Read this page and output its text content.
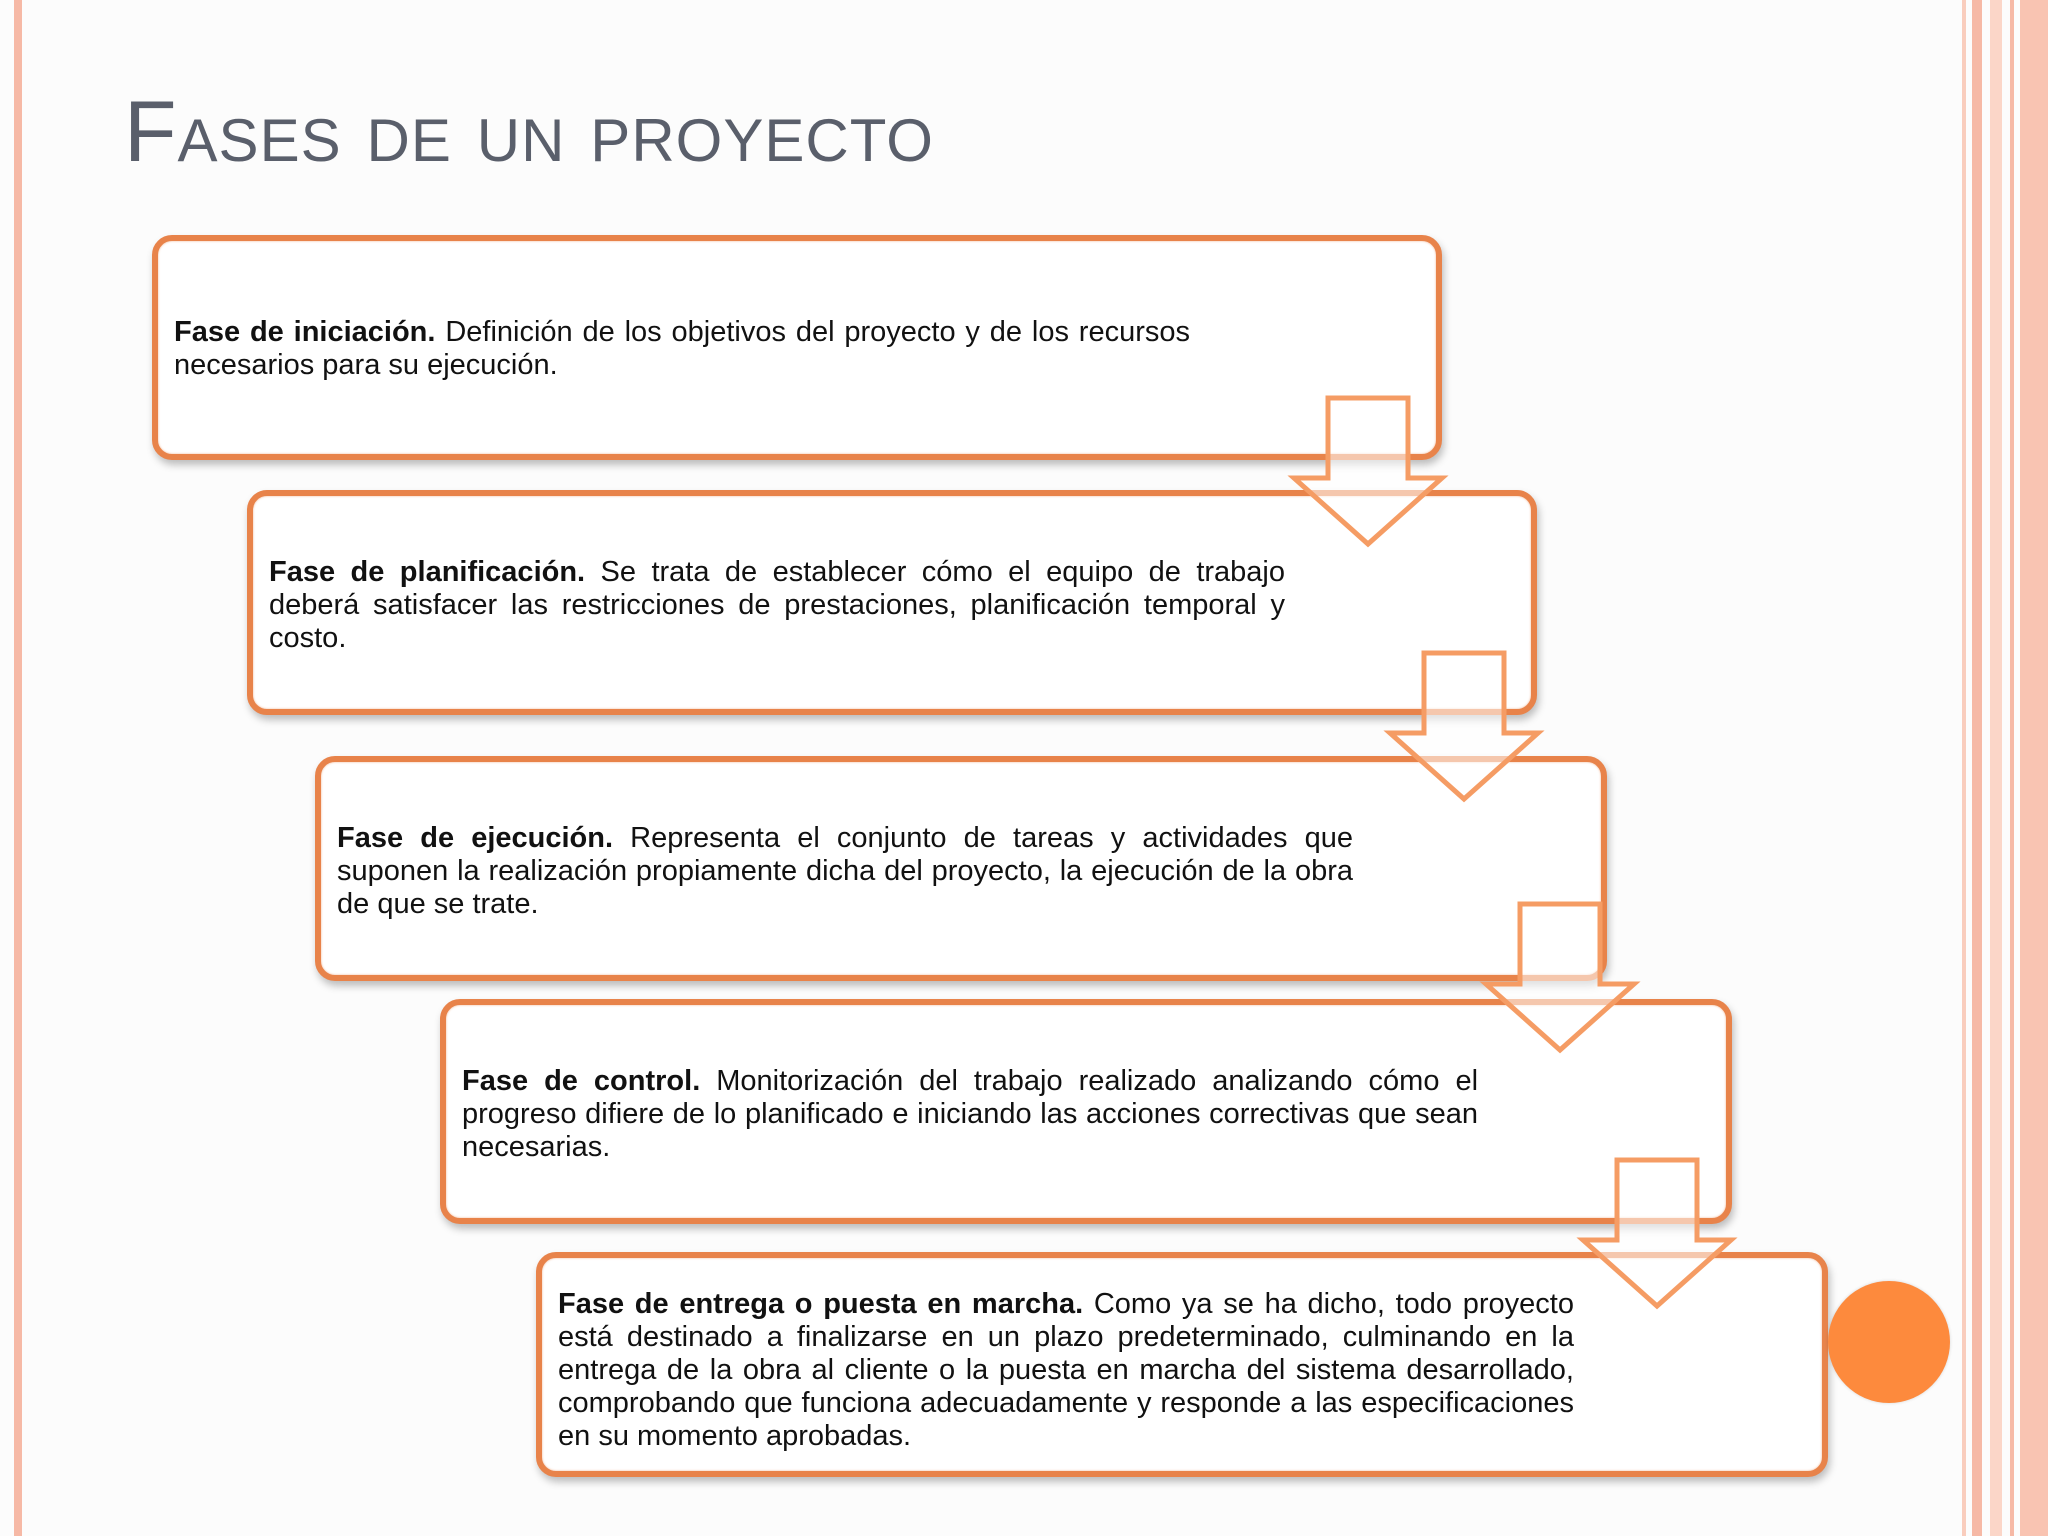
Fases de un proyecto

Fase de iniciación. Definición de los objetivos del proyecto y de los recursos necesarios para su ejecución.

Fase de planificación. Se trata de establecer cómo el equipo de trabajo deberá satisfacer las restricciones de prestaciones, planificación temporal y costo.

Fase de ejecución. Representa el conjunto de tareas y actividades que suponen la realización propiamente dicha del proyecto, la ejecución de la obra de que se trate.

Fase de control. Monitorización del trabajo realizado analizando cómo el progreso difiere de lo planificado e iniciando las acciones correctivas que sean necesarias.

Fase de entrega o puesta en marcha. Como ya se ha dicho, todo proyecto está destinado a finalizarse en un plazo predeterminado, culminando en la entrega de la obra al cliente o la puesta en marcha del sistema desarrollado, comprobando que funciona adecuadamente y responde a las especificaciones en su momento aprobadas.
